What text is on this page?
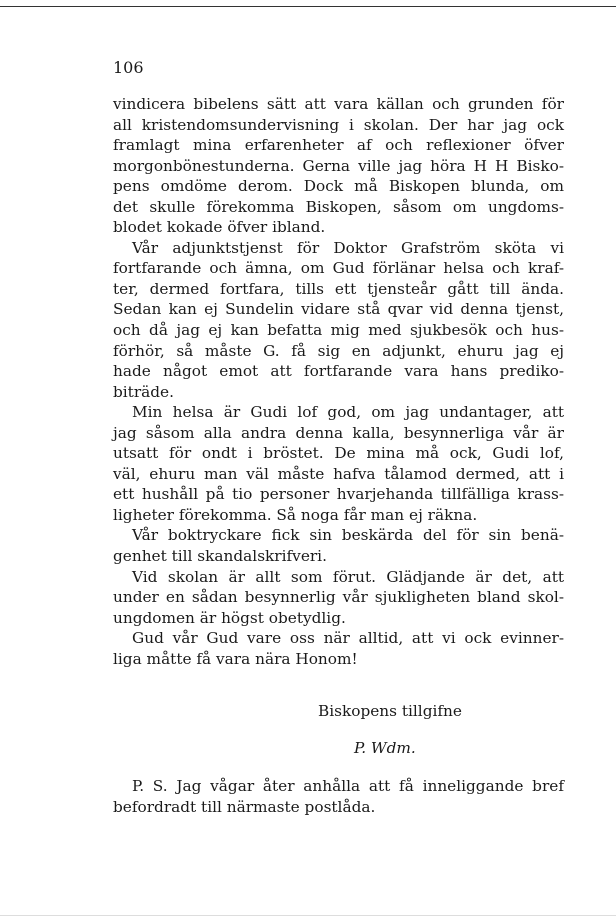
106
vindicera bibelens sätt att vara källan och grunden för
all kristendomsundervisning i skolan. Der har jag ock
framlagt mina erfarenheter af och reflexioner öfver
morgonbönestunderna. Gerna ville jag höra H H Bisko-
pens omdöme derom. Dock må Biskopen blunda, om
det skulle förekomma Biskopen, såsom om ungdoms-
blodet kokade öfver ibland.
Vår adjunktstjenst för Doktor Grafström sköta vi
fortfarande och ämna, om Gud förlänar helsa och kraf-
ter, dermed fortfara, tills ett tjensteår gått till ända.
Sedan kan ej Sundelin vidare stå qvar vid denna tjenst,
och då jag ej kan befatta mig med sjukbesök och hus-
förhör, så måste G. få sig en adjunkt, ehuru jag ej
hade något emot att fortfarande vara hans prediko-
biträde.
Min helsa är Gudi lof god, om jag undantager, att
jag såsom alla andra denna kalla, besynnerliga vår är
utsatt för ondt i bröstet. De mina må ock, Gudi lof,
väl, ehuru man väl måste hafva tålamod dermed, att i
ett hushåll på tio personer hvarjehanda tillfälliga krass-
ligheter förekomma. Så noga får man ej räkna.
Vår boktryckare fick sin beskärda del för sin benä-
genhet till skandalskrifveri.
Vid skolan är allt som förut. Glädjande är det, att
under en sådan besynnerlig vår sjukligheten bland skol-
ungdomen är högst obetydlig.
Gud vår Gud vare oss när alltid, att vi ock evinner-
liga måtte få vara nära Honom!
Biskopens tillgifne
P. Wdm.
P. S. Jag vågar åter anhålla att få inneliggande bref
befordradt till närmaste postlåda.
